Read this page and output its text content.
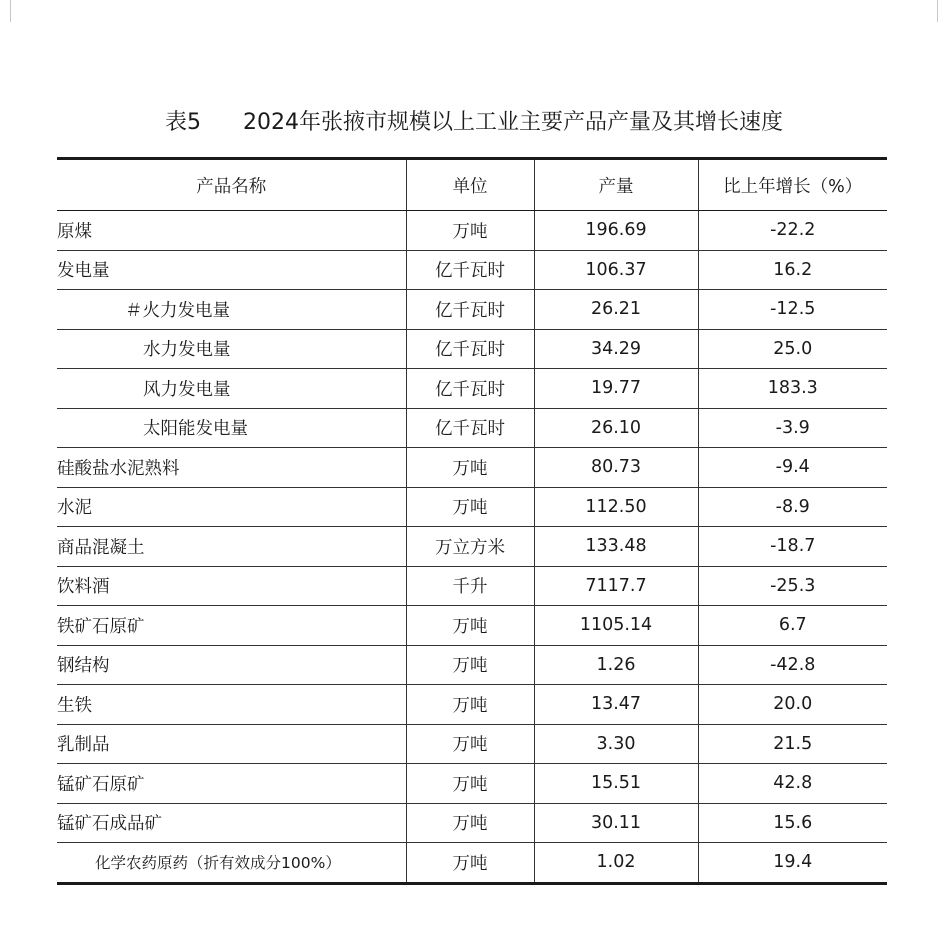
表5      2024年张掖市规模以上工业主要产品产量及其增长速度
产品名称	单位	产量	比上年增长（%）
原煤	万吨	196.69	-22.2
发电量	亿千瓦时	106.37	16.2
＃火力发电量	亿千瓦时	26.21	-12.5
水力发电量	亿千瓦时	34.29	25.0
风力发电量	亿千瓦时	19.77	183.3
太阳能发电量	亿千瓦时	26.10	-3.9
硅酸盐水泥熟料	万吨	80.73	-9.4
水泥	万吨	112.50	-8.9
商品混凝土	万立方米	133.48	-18.7
饮料酒	千升	7117.7	-25.3
铁矿石原矿	万吨	1105.14	6.7
钢结构	万吨	1.26	-42.8
生铁	万吨	13.47	20.0
乳制品	万吨	3.30	21.5
锰矿石原矿	万吨	15.51	42.8
锰矿石成品矿	万吨	30.11	15.6
化学农药原药（折有效成分100%）	万吨	1.02	19.4
